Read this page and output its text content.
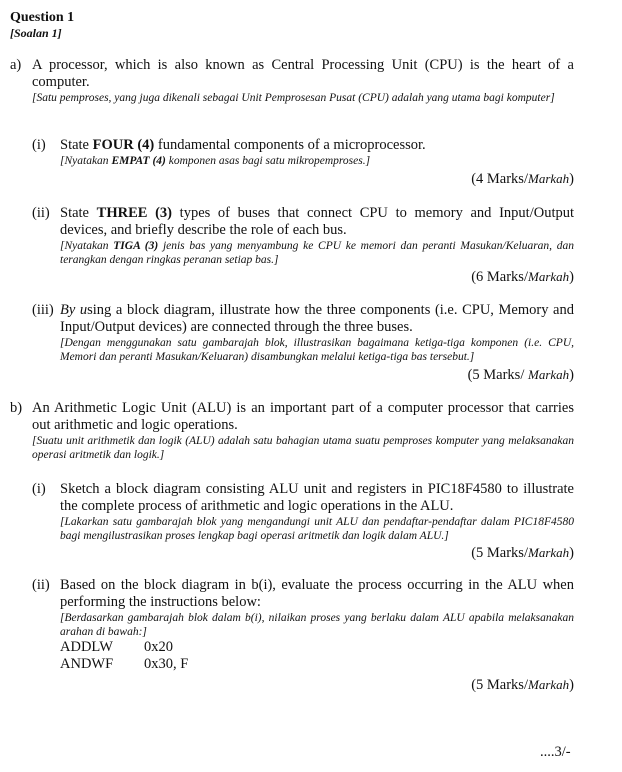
Question 1
[Soalan 1]
a) A processor, which is also known as Central Processing Unit (CPU) is the heart of a computer.
[Satu pemproses, yang juga dikenali sebagai Unit Pemprosesan Pusat (CPU) adalah yang utama bagi komputer]
(i) State FOUR (4) fundamental components of a microprocessor.
[Nyatakan EMPAT (4) komponen asas bagi satu mikropemproses.]
(4 Marks/Markah)
(ii) State THREE (3) types of buses that connect CPU to memory and Input/Output devices, and briefly describe the role of each bus.
[Nyatakan TIGA (3) jenis bas yang menyambung ke CPU ke memori dan peranti Masukan/Keluaran, dan terangkan dengan ringkas peranan setiap bas.]
(6 Marks/Markah)
(iii) By using a block diagram, illustrate how the three components (i.e. CPU, Memory and Input/Output devices) are connected through the three buses.
[Dengan menggunakan satu gambarajah blok, illustrasikan bagaimana ketiga-tiga komponen (i.e. CPU, Memori dan peranti Masukan/Keluaran) disambungkan melalui ketiga-tiga bas tersebut.]
(5 Marks/ Markah)
b) An Arithmetic Logic Unit (ALU) is an important part of a computer processor that carries out arithmetic and logic operations.
[Suatu unit arithmetik dan logik (ALU) adalah satu bahagian utama suatu pemproses komputer yang melaksanakan operasi aritmetik dan logik.]
(i) Sketch a block diagram consisting ALU unit and registers in PIC18F4580 to illustrate the complete process of arithmetic and logic operations in the ALU.
[Lakarkan satu gambarajah blok yang mengandungi unit ALU dan pendaftar-pendaftar dalam PIC18F4580 bagi mengilustrasikan proses lengkap bagi operasi aritmetik dan logik dalam ALU.]
(5 Marks/Markah)
(ii) Based on the block diagram in b(i), evaluate the process occurring in the ALU when performing the instructions below:
[Berdasarkan gambarajah blok dalam b(i), nilaikan proses yang berlaku dalam ALU apabila melaksanakan arahan di bawah:]
ADDLW	0x20
ANDWF	0x30, F
(5 Marks/Markah)
....3/-
